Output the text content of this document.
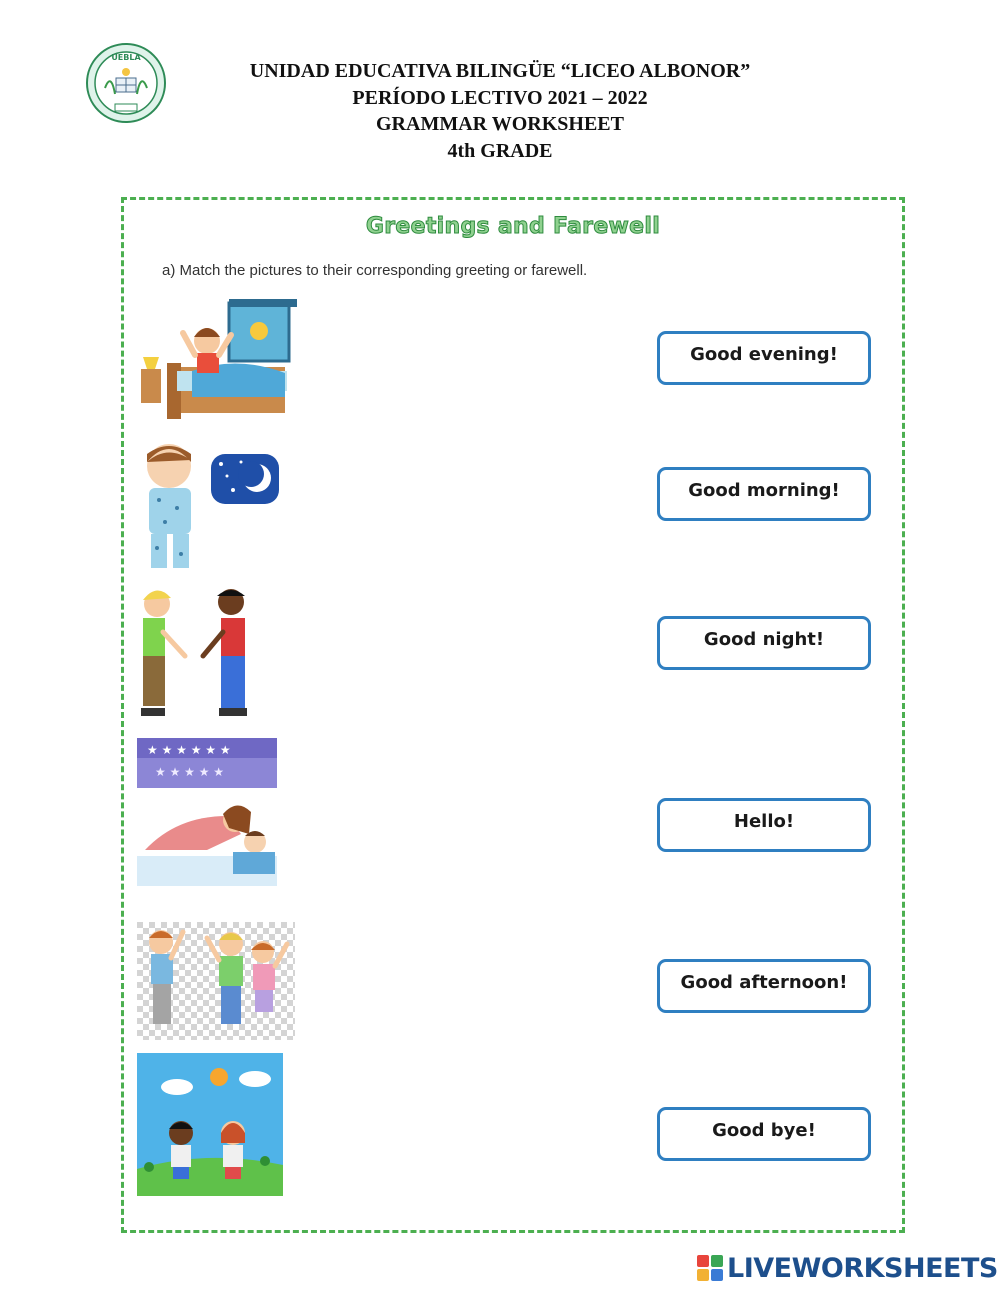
UEBLA
UNIDAD EDUCATIVA BILINGÜE “LICEO ALBONOR”
PERÍODO LECTIVO 2021 – 2022
GRAMMAR WORKSHEET
4th GRADE
Greetings and Farewell
a) Match the pictures to their corresponding greeting or farewell.
★ ★ ★ ★ ★ ★
★ ★ ★ ★ ★
Good evening!
Good morning!
Good night!
Hello!
Good afternoon!
Good bye!
LIVEWORKSHEETS
